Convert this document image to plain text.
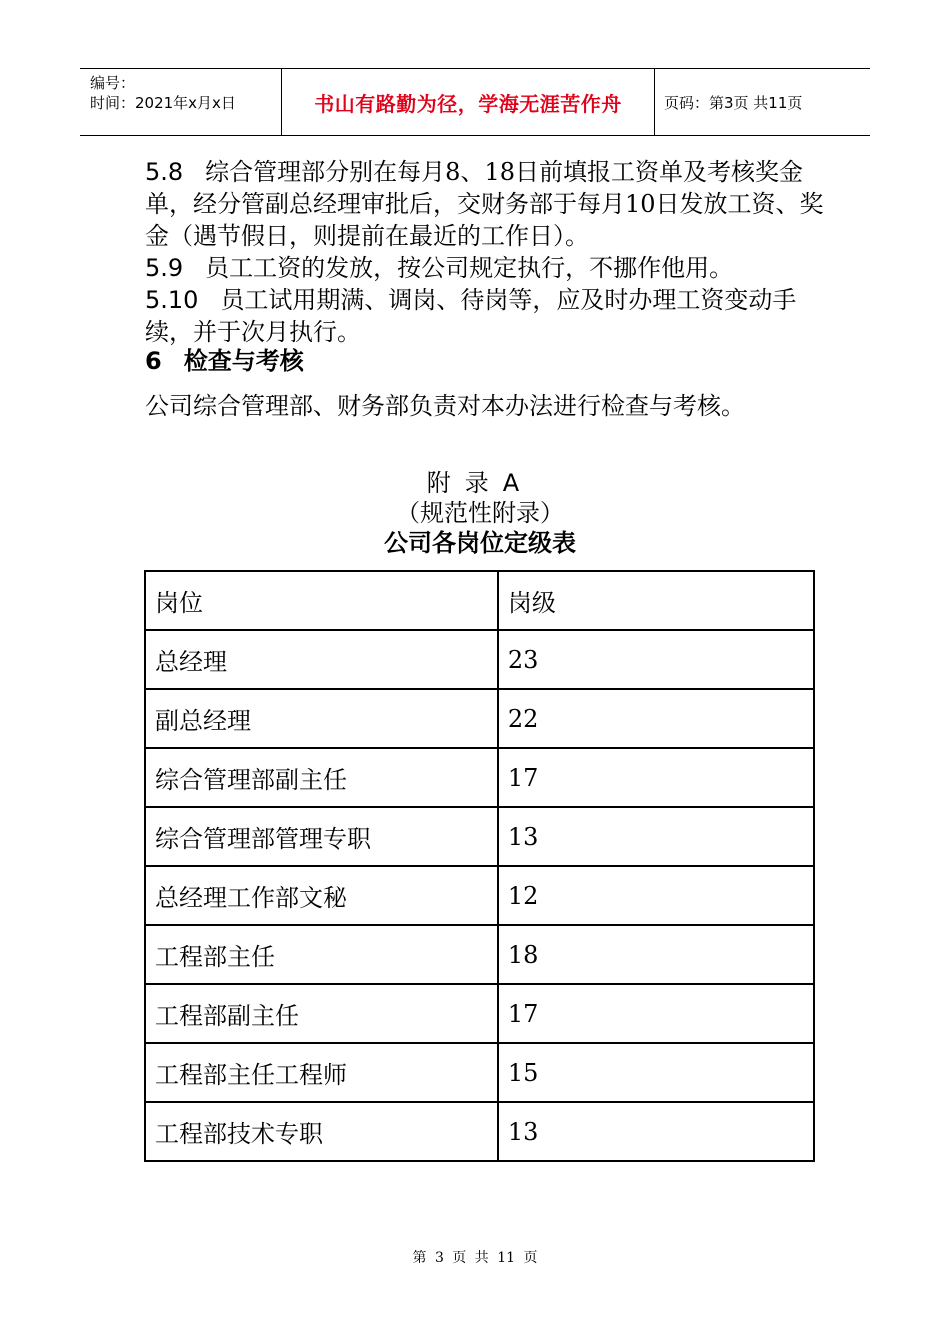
编号：
时间：2021年x月x日	书山有路勤为径，学海无涯苦作舟	页码：第3页 共11页

5.8 综合管理部分别在每月8、18日前填报工资单及考核奖金单，经分管副总经理审批后，交财务部于每月10日发放工资、奖金（遇节假日，则提前在最近的工作日）。

5.9 员工工资的发放，按公司规定执行，不挪作他用。

5.10 员工试用期满、调岗、待岗等，应及时办理工资变动手续，并于次月执行。

6 检查与考核
公司综合管理部、财务部负责对本办法进行检查与考核。
附录A
（规范性附录）
公司各岗位定级表
岗位	岗级
总经理	23
副总经理	22
综合管理部副主任	17
综合管理部管理专职	13
总经理工作部文秘	12
工程部主任	18
工程部副主任	17
工程部主任工程师	15
工程部技术专职	13
第 3 页 共 11 页
